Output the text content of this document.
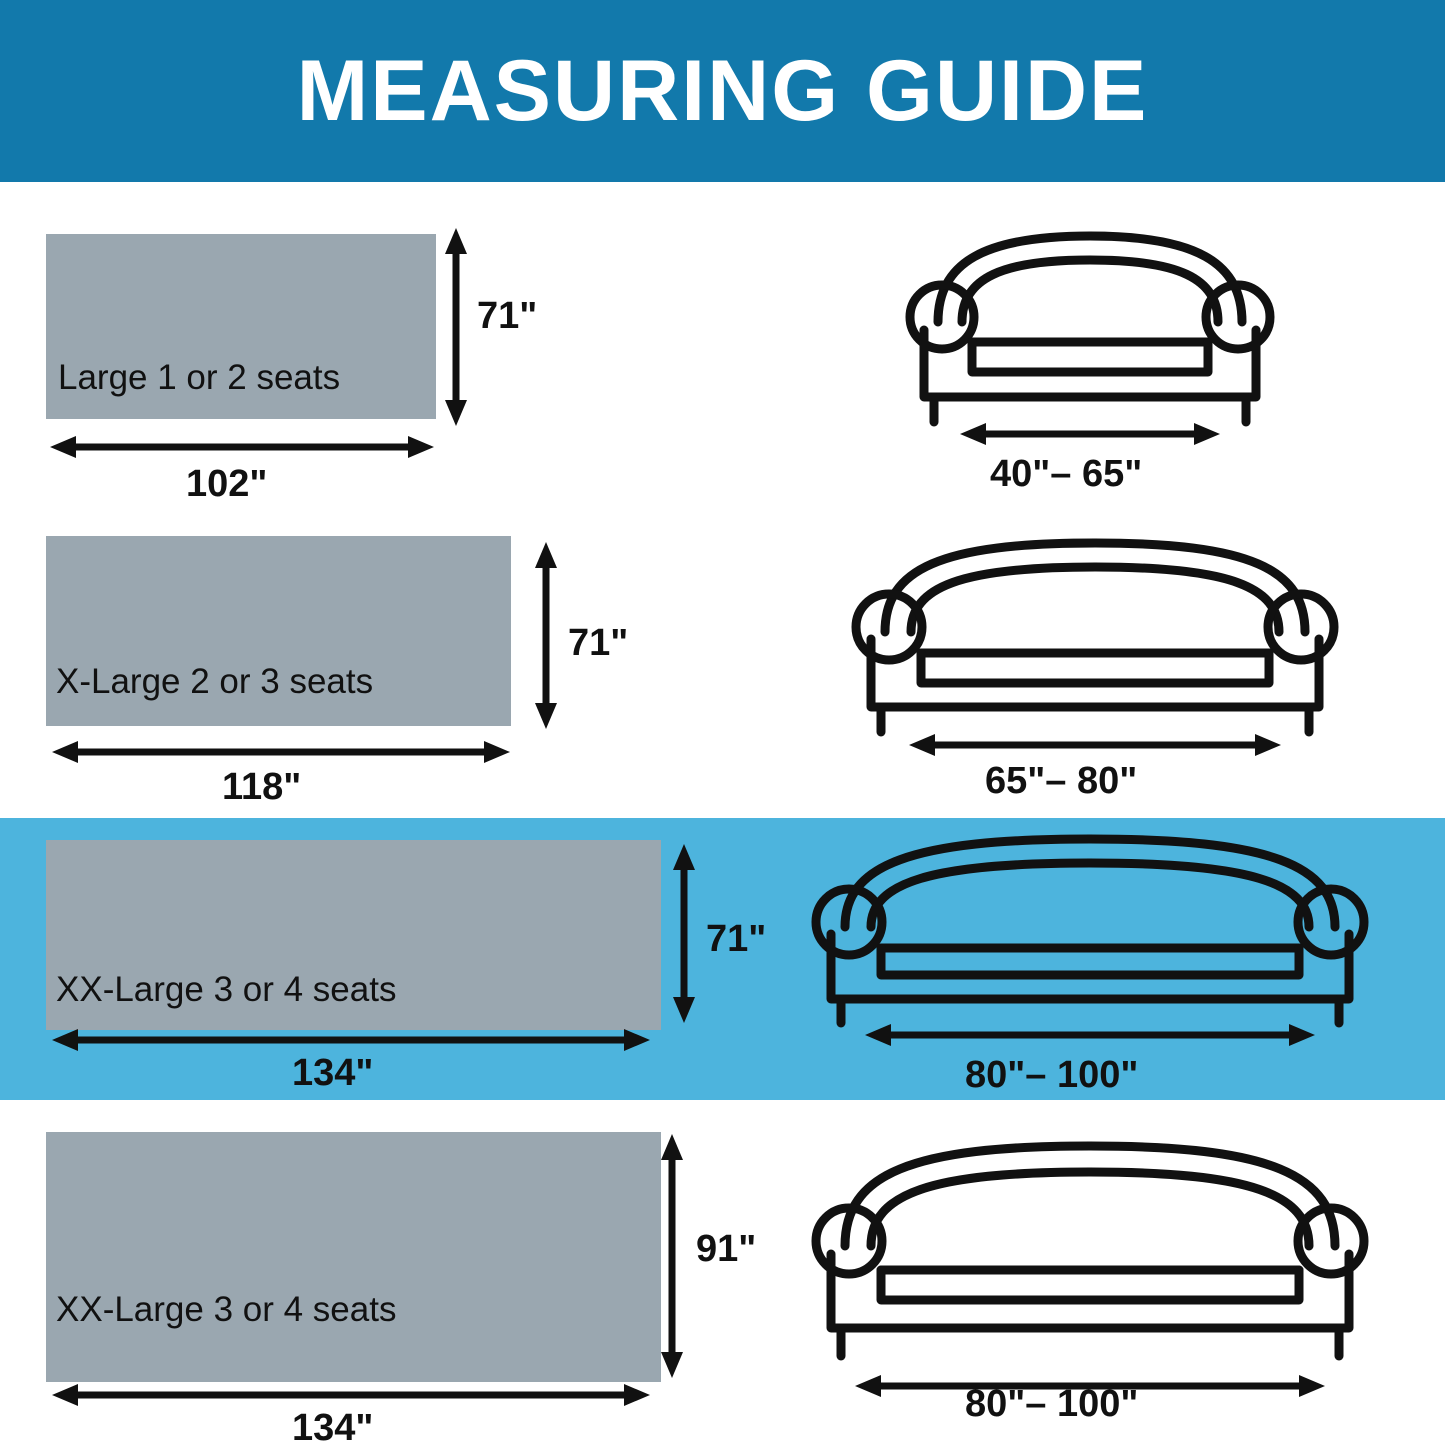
MEASURING GUIDE
Large 1 or 2 seats
71"
102"	40"– 65"
X-Large 2 or 3 seats
71"
118"	65"– 80"
XX-Large 3 or 4 seats
71"
134"	80"– 100"
XX-Large 3 or 4 seats
91"
134"
80"– 100"
